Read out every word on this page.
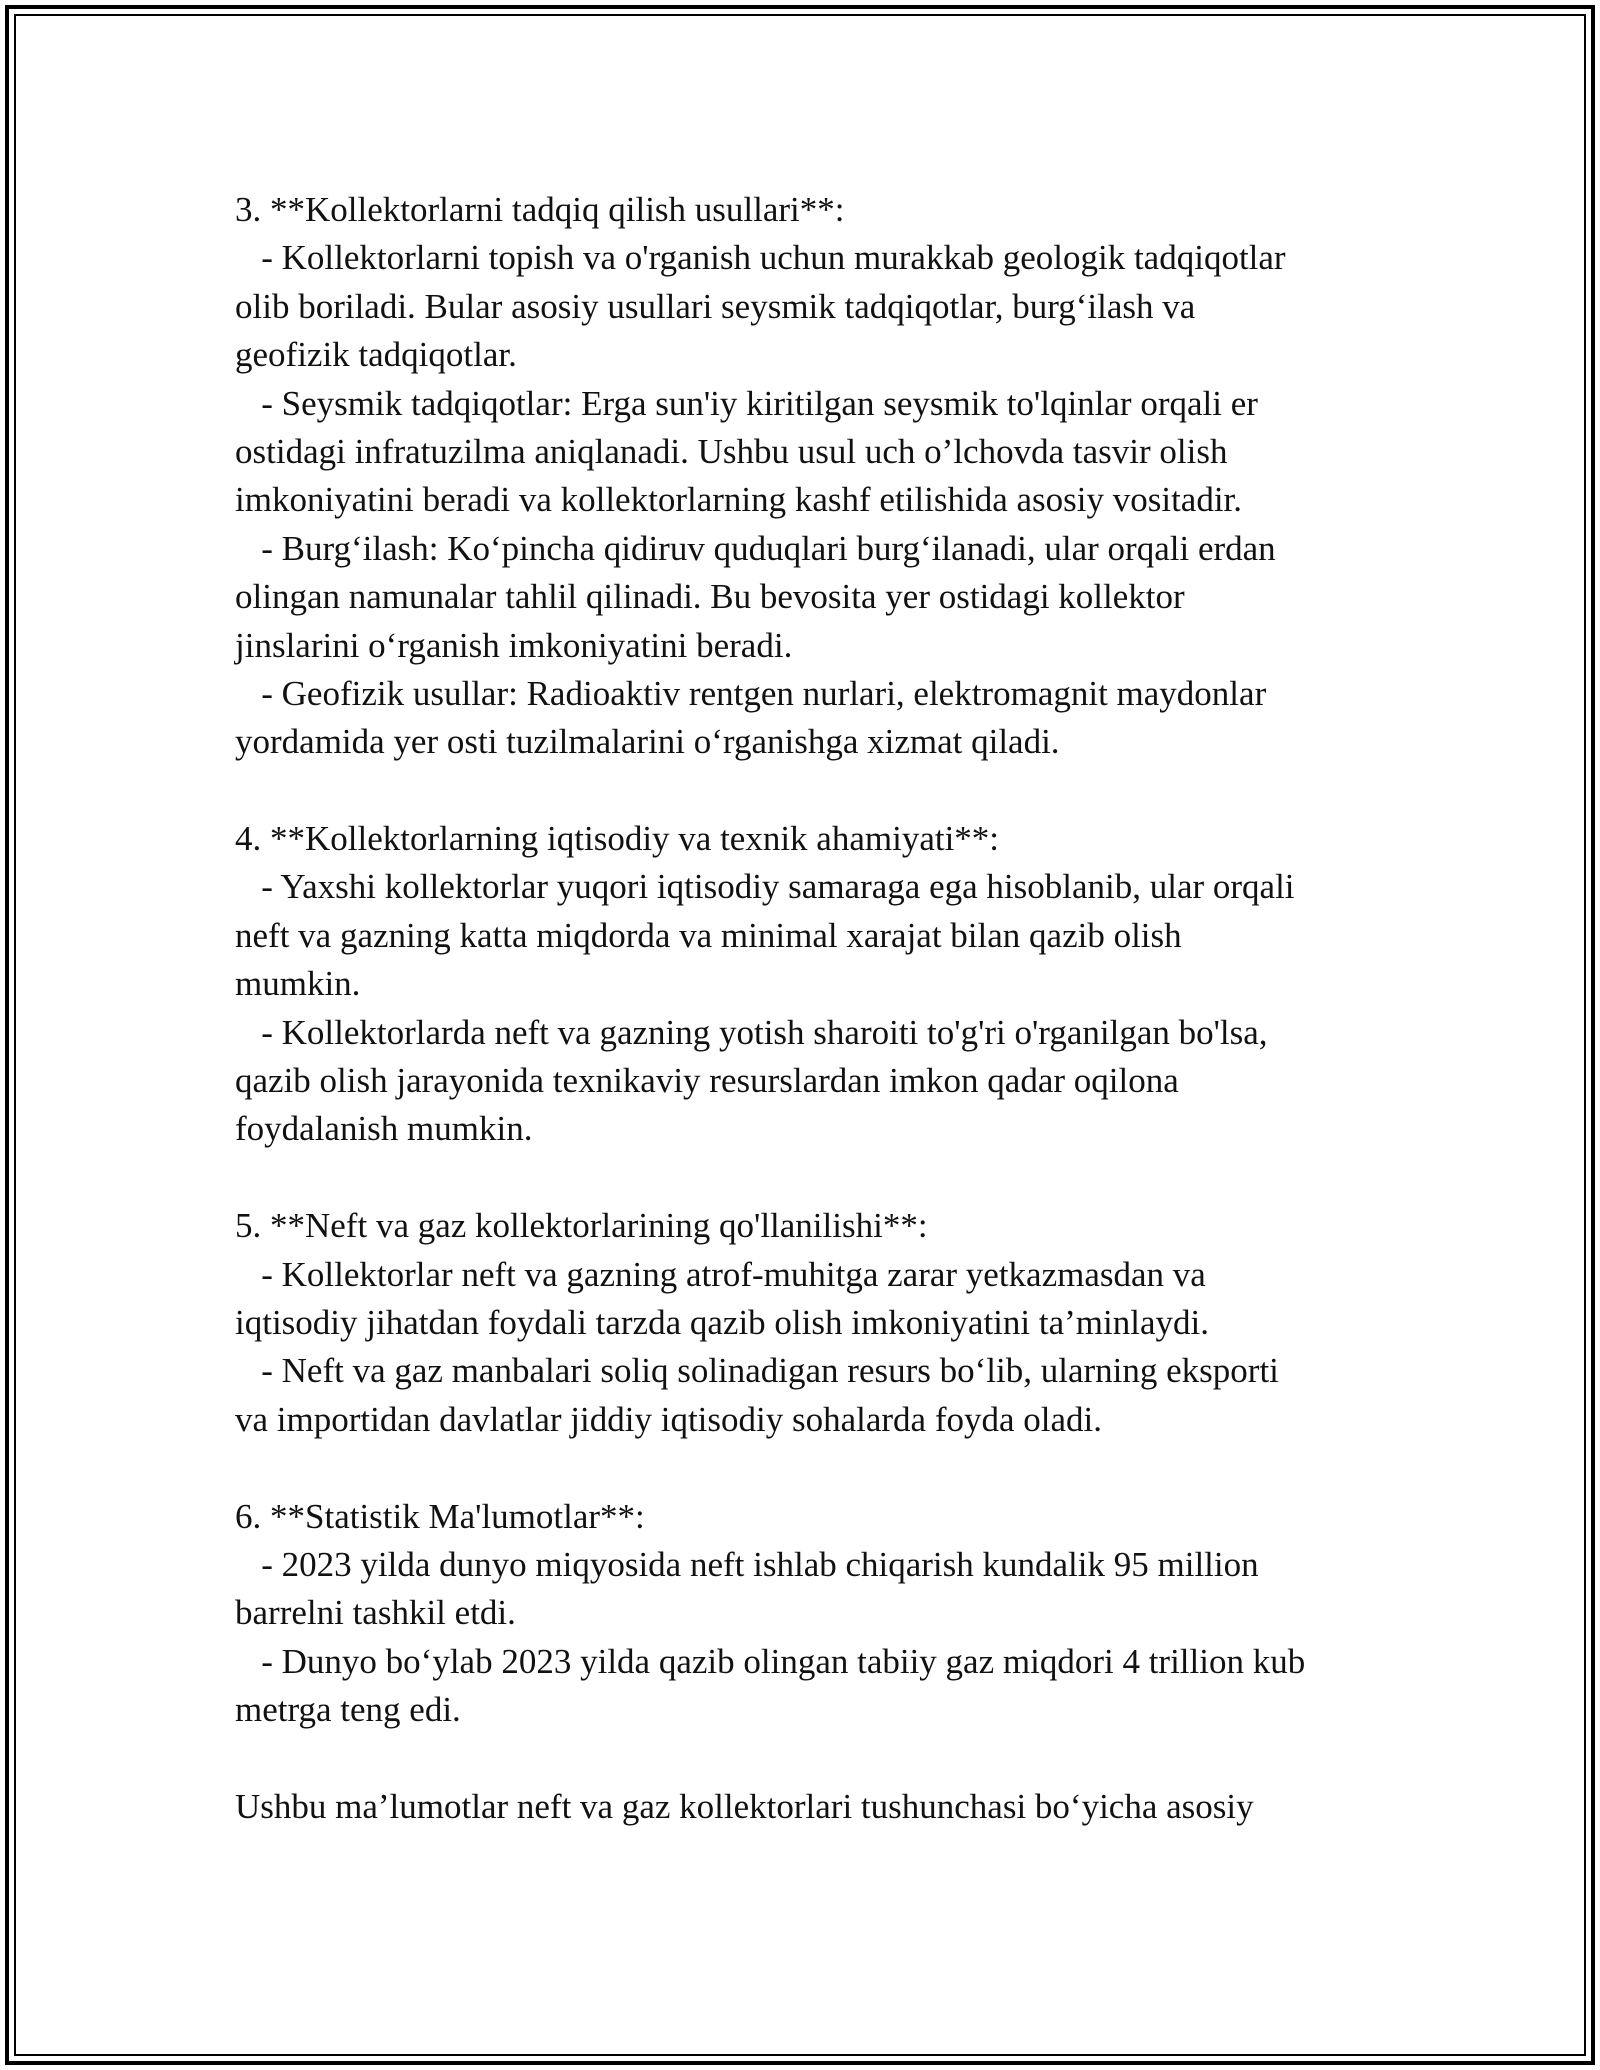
3. **Kollektorlarni tadqiq qilish usullari**:
- Kollektorlarni topish va o'rganish uchun murakkab geologik tadqiqotlar
olib boriladi. Bular asosiy usullari seysmik tadqiqotlar, burg‘ilash va
geofizik tadqiqotlar.
- Seysmik tadqiqotlar: Erga sun'iy kiritilgan seysmik to'lqinlar orqali er
ostidagi infratuzilma aniqlanadi. Ushbu usul uch o’lchovda tasvir olish
imkoniyatini beradi va kollektorlarning kashf etilishida asosiy vositadir.
- Burg‘ilash: Ko‘pincha qidiruv quduqlari burg‘ilanadi, ular orqali erdan
olingan namunalar tahlil qilinadi. Bu bevosita yer ostidagi kollektor
jinslarini o‘rganish imkoniyatini beradi.
- Geofizik usullar: Radioaktiv rentgen nurlari, elektromagnit maydonlar
yordamida yer osti tuzilmalarini o‘rganishga xizmat qiladi.
4. **Kollektorlarning iqtisodiy va texnik ahamiyati**:
- Yaxshi kollektorlar yuqori iqtisodiy samaraga ega hisoblanib, ular orqali
neft va gazning katta miqdorda va minimal xarajat bilan qazib olish
mumkin.
- Kollektorlarda neft va gazning yotish sharoiti to'g'ri o'rganilgan bo'lsa,
qazib olish jarayonida texnikaviy resurslardan imkon qadar oqilona
foydalanish mumkin.
5. **Neft va gaz kollektorlarining qo'llanilishi**:
- Kollektorlar neft va gazning atrof-muhitga zarar yetkazmasdan va
iqtisodiy jihatdan foydali tarzda qazib olish imkoniyatini ta’minlaydi.
- Neft va gaz manbalari soliq solinadigan resurs bo‘lib, ularning eksporti
va importidan davlatlar jiddiy iqtisodiy sohalarda foyda oladi.
6. **Statistik Ma'lumotlar**:
- 2023 yilda dunyo miqyosida neft ishlab chiqarish kundalik 95 million
barrelni tashkil etdi.
- Dunyo bo‘ylab 2023 yilda qazib olingan tabiiy gaz miqdori 4 trillion kub
metrga teng edi.
Ushbu ma’lumotlar neft va gaz kollektorlari tushunchasi bo‘yicha asosiy
